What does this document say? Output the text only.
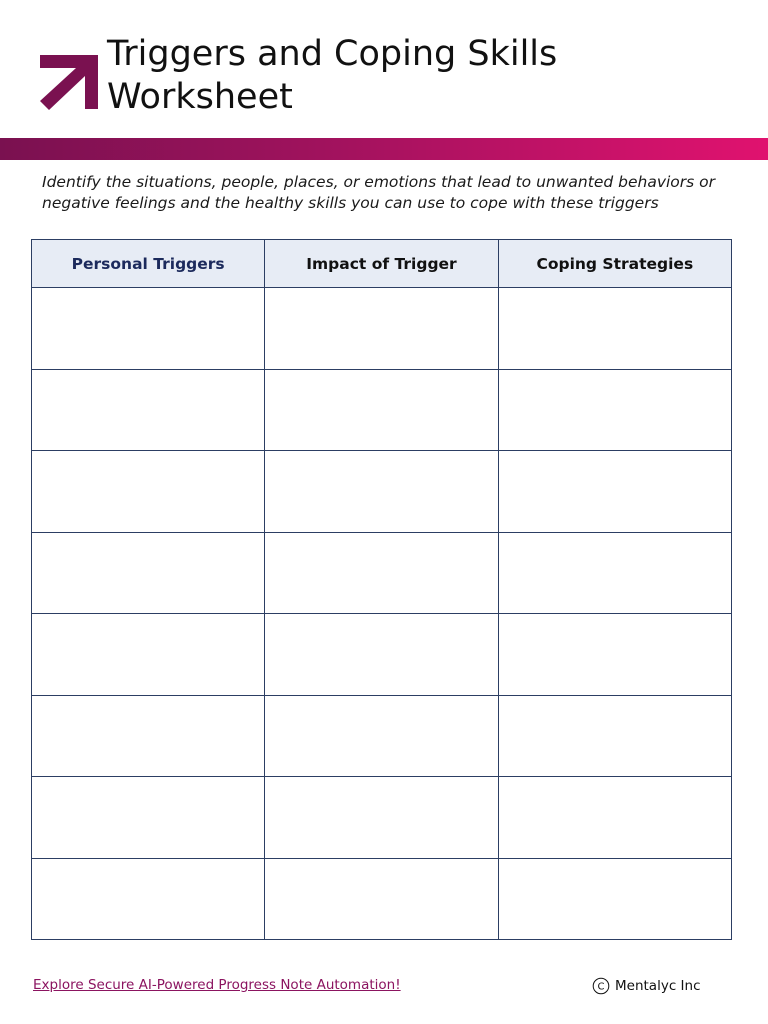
Triggers and Coping Skills
Worksheet

Identify the situations, people, places, or emotions that lead to unwanted behaviors or
negative feelings and the healthy skills you can use to cope with these triggers

Personal Triggers	Impact of Trigger	Coping Strategies

Explore Secure AI-Powered Progress Note Automation!	C Mentalyc Inc
